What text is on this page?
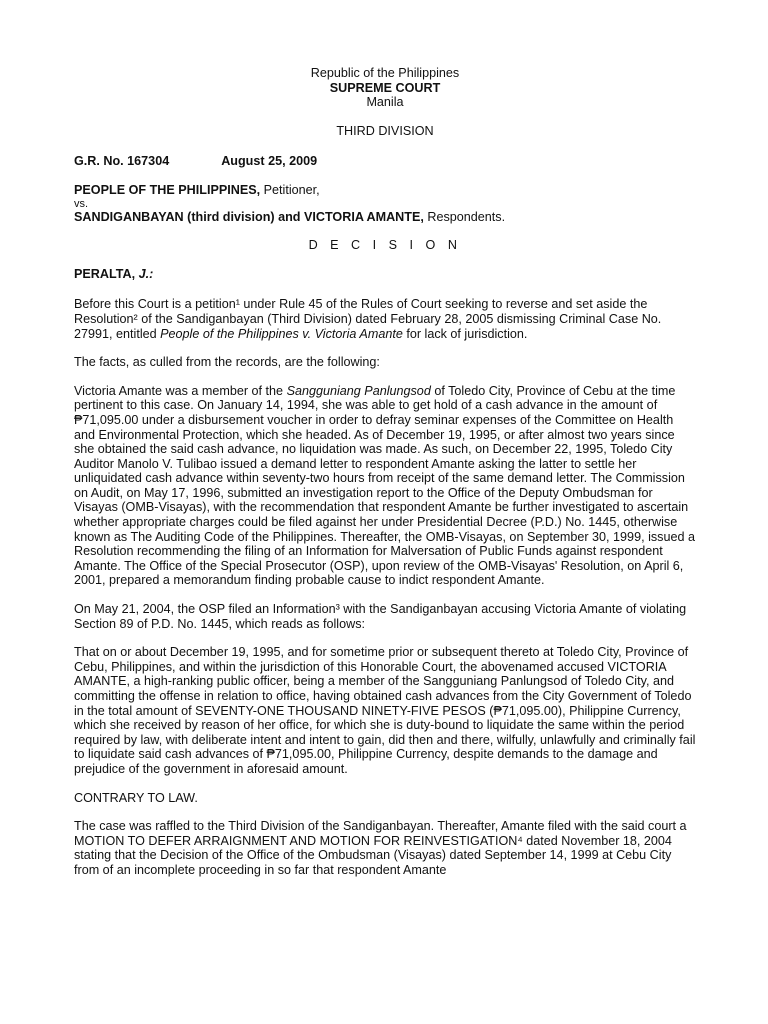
Republic of the Philippines
SUPREME COURT
Manila
THIRD DIVISION
G.R. No. 167304	August 25, 2009
PEOPLE OF THE PHILIPPINES, Petitioner,
vs.
SANDIGANBAYAN (third division) and VICTORIA AMANTE, Respondents.
D E C I S I O N
PERALTA, J.:

Before this Court is a petition¹ under Rule 45 of the Rules of Court seeking to reverse and set aside the Resolution² of the Sandiganbayan (Third Division) dated February 28, 2005 dismissing Criminal Case No. 27991, entitled People of the Philippines v. Victoria Amante for lack of jurisdiction.

The facts, as culled from the records, are the following:

Victoria Amante was a member of the Sangguniang Panlungsod of Toledo City, Province of Cebu at the time pertinent to this case. On January 14, 1994, she was able to get hold of a cash advance in the amount of ₱71,095.00 under a disbursement voucher in order to defray seminar expenses of the Committee on Health and Environmental Protection, which she headed. As of December 19, 1995, or after almost two years since she obtained the said cash advance, no liquidation was made. As such, on December 22, 1995, Toledo City Auditor Manolo V. Tulibao issued a demand letter to respondent Amante asking the latter to settle her unliquidated cash advance within seventy-two hours from receipt of the same demand letter. The Commission on Audit, on May 17, 1996, submitted an investigation report to the Office of the Deputy Ombudsman for Visayas (OMB-Visayas), with the recommendation that respondent Amante be further investigated to ascertain whether appropriate charges could be filed against her under Presidential Decree (P.D.) No. 1445, otherwise known as The Auditing Code of the Philippines. Thereafter, the OMB-Visayas, on September 30, 1999, issued a Resolution recommending the filing of an Information for Malversation of Public Funds against respondent Amante. The Office of the Special Prosecutor (OSP), upon review of the OMB-Visayas' Resolution, on April 6, 2001, prepared a memorandum finding probable cause to indict respondent Amante.

On May 21, 2004, the OSP filed an Information³ with the Sandiganbayan accusing Victoria Amante of violating Section 89 of P.D. No. 1445, which reads as follows:

That on or about December 19, 1995, and for sometime prior or subsequent thereto at Toledo City, Province of Cebu, Philippines, and within the jurisdiction of this Honorable Court, the abovenamed accused VICTORIA AMANTE, a high-ranking public officer, being a member of the Sangguniang Panlungsod of Toledo City, and committing the offense in relation to office, having obtained cash advances from the City Government of Toledo in the total amount of SEVENTY-ONE THOUSAND NINETY-FIVE PESOS (₱71,095.00), Philippine Currency, which she received by reason of her office, for which she is duty-bound to liquidate the same within the period required by law, with deliberate intent and intent to gain, did then and there, wilfully, unlawfully and criminally fail to liquidate said cash advances of ₱71,095.00, Philippine Currency, despite demands to the damage and prejudice of the government in aforesaid amount.

CONTRARY TO LAW.

The case was raffled to the Third Division of the Sandiganbayan. Thereafter, Amante filed with the said court a MOTION TO DEFER ARRAIGNMENT AND MOTION FOR REINVESTIGATION⁴ dated November 18, 2004 stating that the Decision of the Office of the Ombudsman (Visayas) dated September 14, 1999 at Cebu City from of an incomplete proceeding in so far that respondent Amante
